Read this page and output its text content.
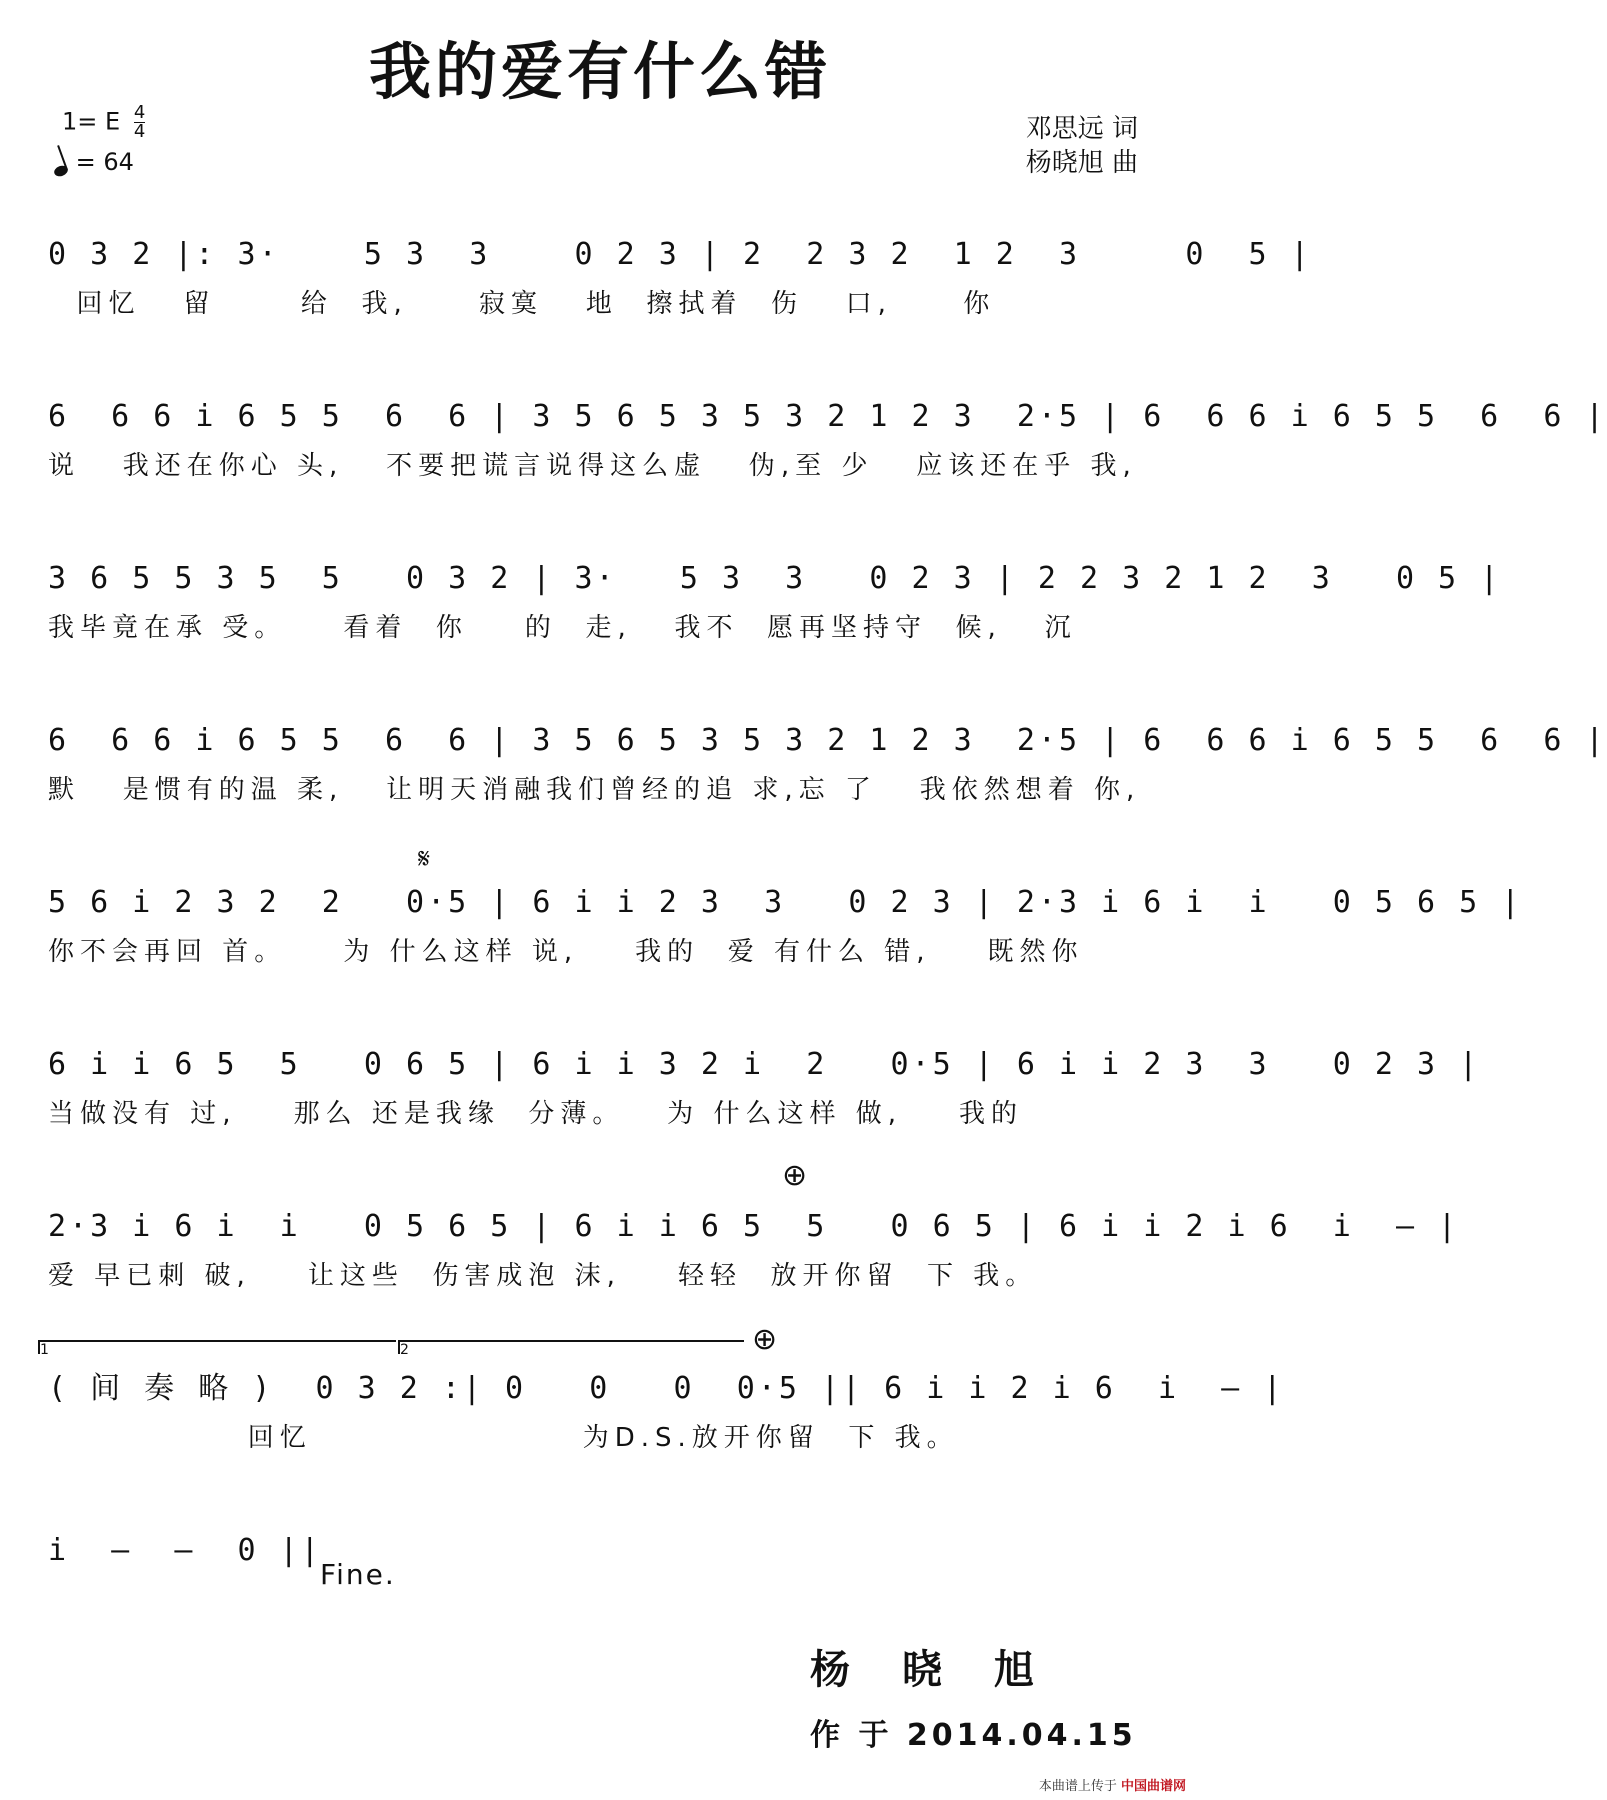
我的爱有什么错
1= E $\frac{4}{4}$
= 64
邓思远 词
杨晓旭 曲
𝄋
⊕
⊕
1	2
0 3 2 |: 3·    5 3  3    0 2 3 | 2  2 3 2  1 2  3     0  5 |
回忆   留      给  我,     寂寞   地  擦拭着  伤   口,     你
6  6 6 i 6 5 5  6  6 | 3 5 6 5 3 5 3 2 1 2 3  2·5 | 6  6 6 i 6 5 5  6  6 |
说   我还在你心 头,   不要把谎言说得这么虚   伪,至 少   应该还在乎 我,
3 6 5 5 3 5  5   0 3 2 | 3·   5 3  3   0 2 3 | 2 2 3 2 1 2  3   0 5 |
我毕竟在承 受。    看着  你    的  走,   我不  愿再坚持守  候,   沉
6  6 6 i 6 5 5  6  6 | 3 5 6 5 3 5 3 2 1 2 3  2·5 | 6  6 6 i 6 5 5  6  6 |
默   是惯有的温 柔,   让明天消融我们曾经的追 求,忘 了   我依然想着 你,
5 6 i 2 3 2  2   0·5 | 6 i i 2 3  3   0 2 3 | 2·3 i 6 i  i   0 5 6 5 |
你不会再回 首。    为 什么这样 说,    我的  爱 有什么 错,    既然你
6 i i 6 5  5   0 6 5 | 6 i i 3 2 i  2   0·5 | 6 i i 2 3  3   0 2 3 |
当做没有 过,    那么 还是我缘  分薄。   为 什么这样 做,    我的
2·3 i 6 i  i   0 5 6 5 | 6 i i 6 5  5   0 6 5 | 6 i i 2 i 6  i  — |
爱 早已刺 破,    让这些  伤害成泡 沫,    轻轻  放开你留  下 我。
( 间 奏 略 )  0 3 2 :| 0   0   0  0·5 || 6 i i 2 i 6  i  — |
回忆                   为D.S.放开你留  下 我。
i  —  —  0 ||
Fine.
杨晓旭
作 于 2014.04.15
本曲谱上传于 中国曲谱网
